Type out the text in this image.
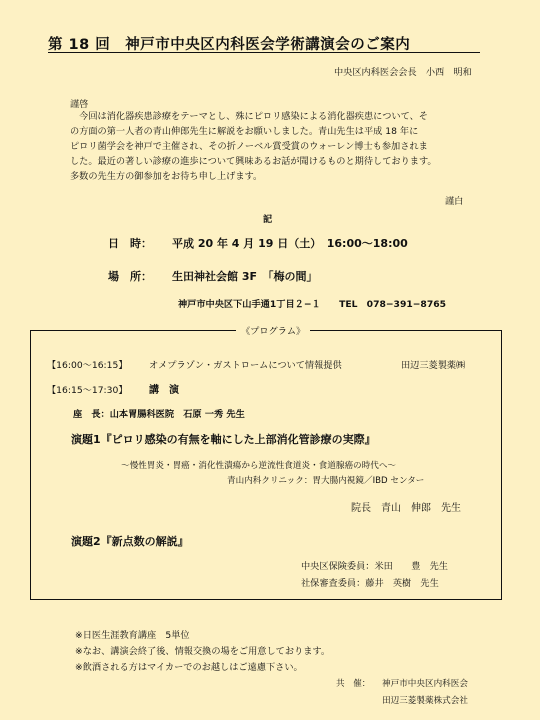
第 18 回　神戸市中央区内科医会学術講演会のご案内
中央区内科医会会長　小西　明和
謹啓
　今回は消化器疾患診療をテーマとし、殊にピロリ感染による消化器疾患について、そ
の方面の第一人者の青山伸郎先生に解説をお願いしました。青山先生は平成 18 年に
ピロリ菌学会を神戸で主催され、その折ノーベル賞受賞のウォーレン博士も参加されま
した。最近の著しい診療の進歩について興味あるお話が聞けるものと期待しております。
多数の先生方の御参加をお待ち申し上げます。
謹白
記
日　時： 平成 20 年 4 月 19 日（土）　16:00～18:00
場　所： 生田神社会館 3F　「梅の間」
神戸市中央区下山手通1丁目２−１　　TEL　078−391−8765
《プログラム》
【16:00～16:15】 オメプラゾン・ガストロームについて情報提供	田辺三菱製薬㈱
【16:15～17:30】 講　演
座　長：山本胃腸科医院　石原 一秀 先生
演題1『ピロリ感染の有無を軸にした上部消化管診療の実際』
～慢性胃炎・胃癌・消化性潰瘍から逆流性食道炎・食道腺癌の時代へ～
青山内科クリニック：胃大腸内視鏡／IBD センター
院長　青山　伸郎　先生
演題2『新点数の解説』
中央区保険委員：米田　　豊　先生
社保審査委員：藤井　英樹　先生
※日医生涯教育講座　5単位
※なお、講演会終了後、情報交換の場をご用意しております。
※飲酒される方はマイカーでのお越しはご遠慮下さい。
共　催： 神戸市中央区内科医会
田辺三菱製薬株式会社
